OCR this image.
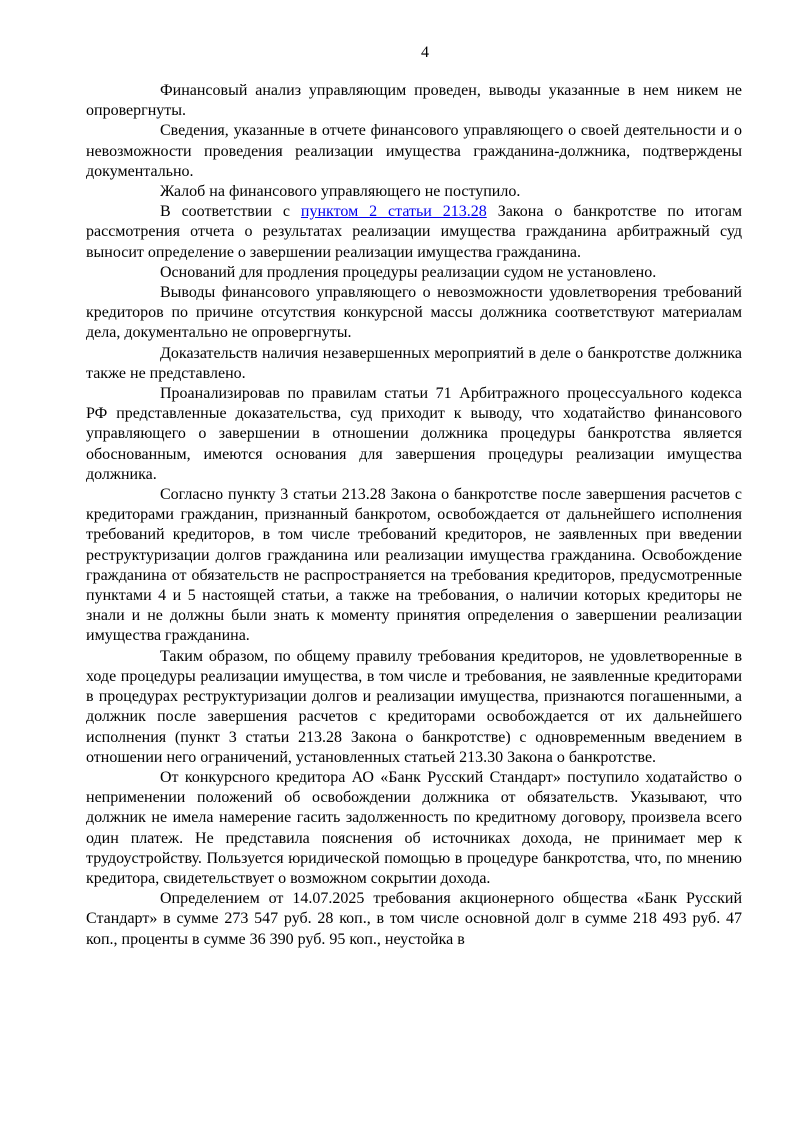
4

Финансовый анализ управляющим проведен, выводы указанные в нем никем не опровергнуты.

Сведения, указанные в отчете финансового управляющего о своей деятельности и о невозможности проведения реализации имущества гражданина-должника, подтверждены документально.

Жалоб на финансового управляющего не поступило.

В соответствии с пунктом 2 статьи 213.28 Закона о банкротстве по итогам рассмотрения отчета о результатах реализации имущества гражданина арбитражный суд выносит определение о завершении реализации имущества гражданина.

Оснований для продления процедуры реализации судом не установлено.

Выводы финансового управляющего о невозможности удовлетворения требований кредиторов по причине отсутствия конкурсной массы должника соответствуют материалам дела, документально не опровергнуты.

Доказательств наличия незавершенных мероприятий в деле о банкротстве должника также не представлено.

Проанализировав по правилам статьи 71 Арбитражного процессуального кодекса РФ представленные доказательства, суд приходит к выводу, что ходатайство финансового управляющего о завершении в отношении должника процедуры банкротства является обоснованным, имеются основания для завершения процедуры реализации имущества должника.

Согласно пункту 3 статьи 213.28 Закона о банкротстве после завершения расчетов с кредиторами гражданин, признанный банкротом, освобождается от дальнейшего исполнения требований кредиторов, в том числе требований кредиторов, не заявленных при введении реструктуризации долгов гражданина или реализации имущества гражданина. Освобождение гражданина от обязательств не распространяется на требования кредиторов, предусмотренные пунктами 4 и 5 настоящей статьи, а также на требования, о наличии которых кредиторы не знали и не должны были знать к моменту принятия определения о завершении реализации имущества гражданина.

Таким образом, по общему правилу требования кредиторов, не удовлетворенные в ходе процедуры реализации имущества, в том числе и требования, не заявленные кредиторами в процедурах реструктуризации долгов и реализации имущества, признаются погашенными, а должник после завершения расчетов с кредиторами освобождается от их дальнейшего исполнения (пункт 3 статьи 213.28 Закона о банкротстве) с одновременным введением в отношении него ограничений, установленных статьей 213.30 Закона о банкротстве.

От конкурсного кредитора АО «Банк Русский Стандарт» поступило ходатайство о неприменении положений об освобождении должника от обязательств. Указывают, что должник не имела намерение гасить задолженность по кредитному договору, произвела всего один платеж. Не представила пояснения об источниках дохода, не принимает мер к трудоустройству. Пользуется юридической помощью в процедуре банкротства, что, по мнению кредитора, свидетельствует о возможном сокрытии дохода.

Определением от 14.07.2025 требования акционерного общества «Банк Русский Стандарт» в сумме 273 547 руб. 28 коп., в том числе основной долг в сумме 218 493 руб. 47 коп., проценты в сумме 36 390 руб. 95 коп., неустойка в
